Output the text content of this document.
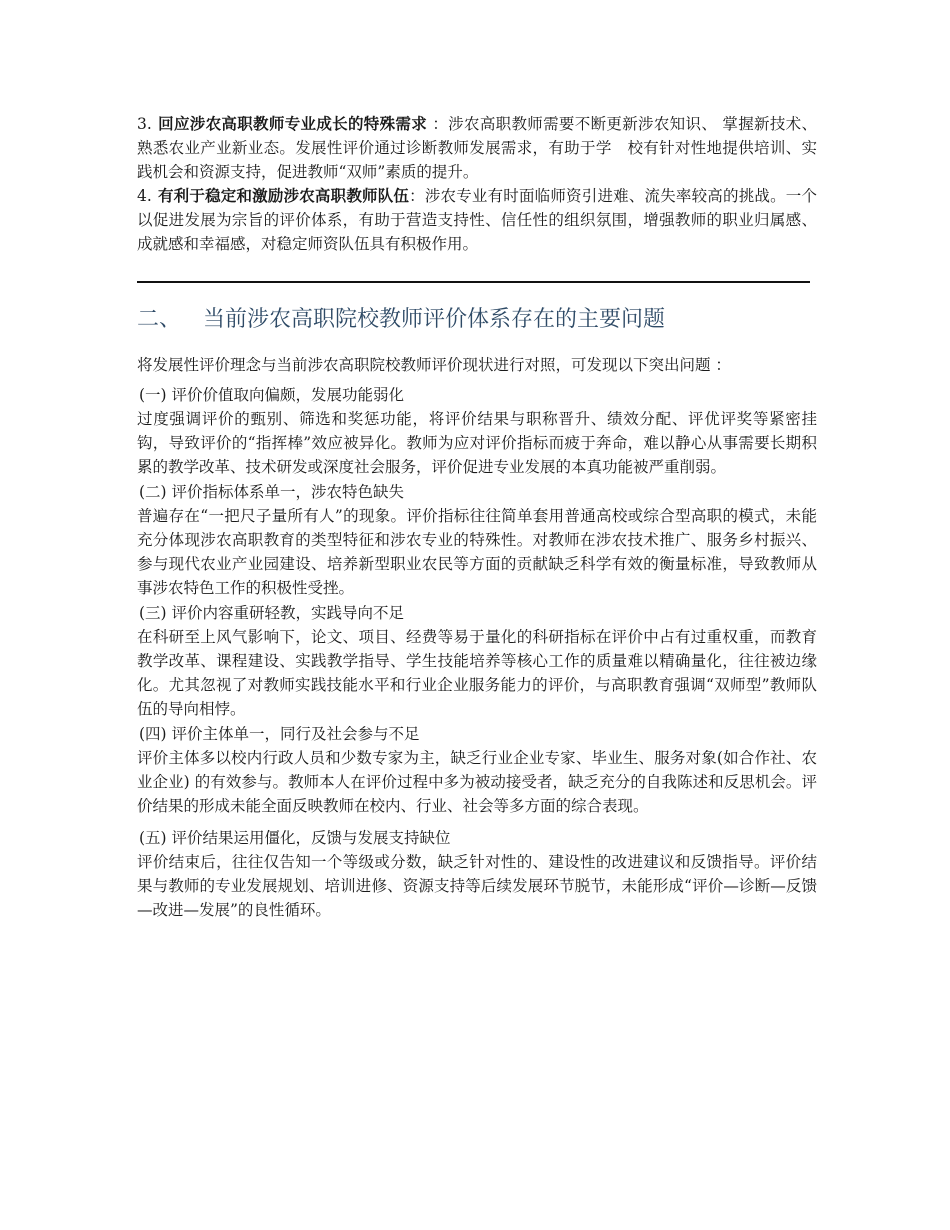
3. 回应涉农高职教师专业成长的特殊需求 ：涉农高职教师需要不断更新涉农知识、 掌握新技术、熟悉农业产业新业态。发展性评价通过诊断教师发展需求，有助于学　校有针对性地提供培训、实践机会和资源支持，促进教师“双师”素质的提升。

4. 有利于稳定和激励涉农高职教师队伍：涉农专业有时面临师资引进难、流失率较高的挑战。一个以促进发展为宗旨的评价体系，有助于营造支持性、信任性的组织氛围，增强教师的职业归属感、成就感和幸福感，对稳定师资队伍具有积极作用。

二、 当前涉农高职院校教师评价体系存在的主要问题

将发展性评价理念与当前涉农高职院校教师评价现状进行对照，可发现以下突出问题 ：

(一) 评价价值取向偏颇，发展功能弱化

过度强调评价的甄别、筛选和奖惩功能，将评价结果与职称晋升、绩效分配、评优评奖等紧密挂钩，导致评价的“指挥棒”效应被异化。教师为应对评价指标而疲于奔命，难以静心从事需要长期积累的教学改革、技术研发或深度社会服务，评价促进专业发展的本真功能被严重削弱。

(二) 评价指标体系单一，涉农特色缺失

普遍存在“一把尺子量所有人”的现象。评价指标往往简单套用普通高校或综合型高职的模式，未能充分体现涉农高职教育的类型特征和涉农专业的特殊性。对教师在涉农技术推广、服务乡村振兴、参与现代农业产业园建设、培养新型职业农民等方面的贡献缺乏科学有效的衡量标准，导致教师从事涉农特色工作的积极性受挫。

(三) 评价内容重研轻教，实践导向不足

在科研至上风气影响下，论文、项目、经费等易于量化的科研指标在评价中占有过重权重，而教育教学改革、课程建设、实践教学指导、学生技能培养等核心工作的质量难以精确量化，往往被边缘化。尤其忽视了对教师实践技能水平和行业企业服务能力的评价，与高职教育强调“双师型”教师队伍的导向相悖。

(四) 评价主体单一，同行及社会参与不足

评价主体多以校内行政人员和少数专家为主，缺乏行业企业专家、毕业生、服务对象(如合作社、农业企业) 的有效参与。教师本人在评价过程中多为被动接受者，缺乏充分的自我陈述和反思机会。评价结果的形成未能全面反映教师在校内、行业、社会等多方面的综合表现。

(五) 评价结果运用僵化，反馈与发展支持缺位

评价结束后，往往仅告知一个等级或分数，缺乏针对性的、建设性的改进建议和反馈指导。评价结果与教师的专业发展规划、培训进修、资源支持等后续发展环节脱节，未能形成“评价—诊断—反馈—改进—发展”的良性循环。
